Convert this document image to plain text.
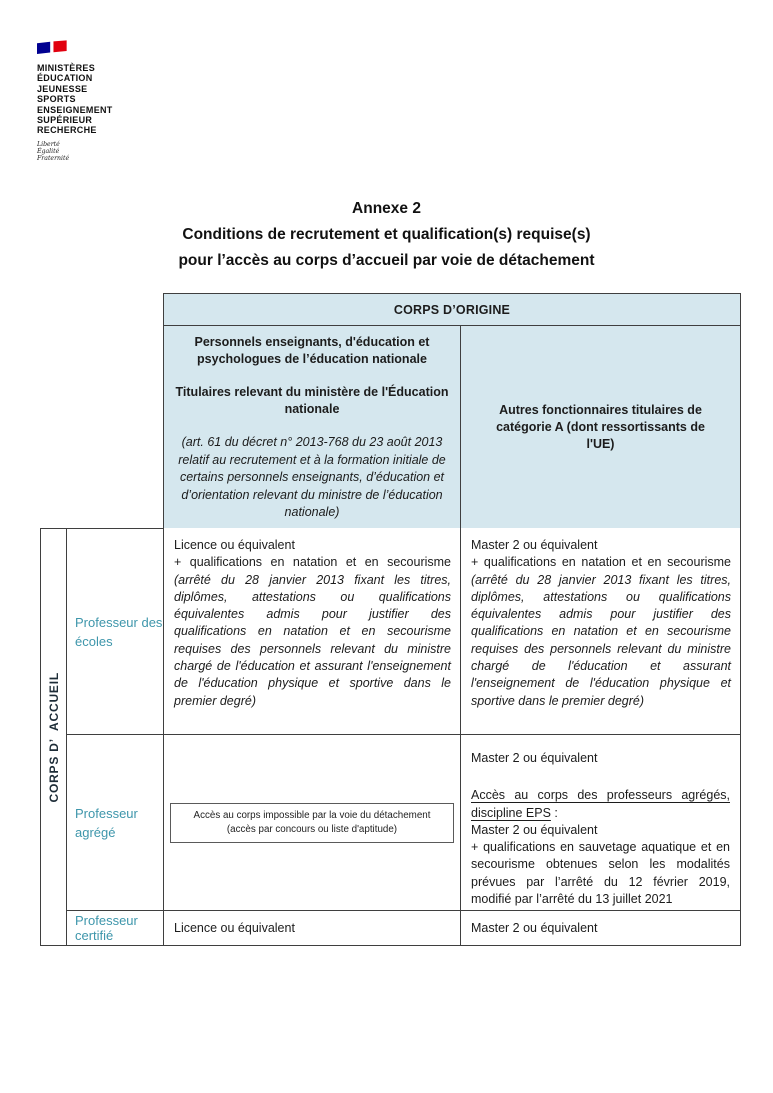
MINISTÈRES
ÉDUCATION
JEUNESSE
SPORTS
ENSEIGNEMENT
SUPÉRIEUR
RECHERCHE
Liberté
Égalité
Fraternité
Annexe 2
Conditions de recrutement et qualification(s) requise(s)
pour l’accès au corps d’accueil par voie de détachement
CORPS D’ORIGINE
Personnels enseignants, d'éducation et psychologues de l’éducation nationale
Titulaires relevant du ministère de l'Éducation nationale
(art. 61 du décret n° 2013-768 du 23 août 2013 relatif au recrutement et à la formation initiale de certains personnels enseignants, d’éducation et d’orientation relevant du ministre de l’éducation nationale)
Autres fonctionnaires titulaires de catégorie A (dont ressortissants de l'UE)
CORPS D’  ACCUEIL
Professeur des écoles
Licence ou équivalent
+ qualifications en natation et en secourisme (arrêté du 28 janvier 2013 fixant les titres, diplômes, attestations ou qualifications équivalentes admis pour justifier des qualifications en natation et en secourisme requises des personnels relevant du ministre chargé de l'éducation et assurant l'enseignement de l'éducation physique et sportive dans le premier degré)
Master 2 ou équivalent
+ qualifications en natation et en secourisme (arrêté du 28 janvier 2013 fixant les titres, diplômes, attestations ou qualifications équivalentes admis pour justifier des qualifications en natation et en secourisme requises des personnels relevant du ministre chargé de l'éducation et assurant l'enseignement de l'éducation physique et sportive dans le premier degré)
Professeur agrégé
Accès au corps impossible par la voie du détachement
(accès par concours ou liste d'aptitude)
Master 2 ou équivalent
Accès au corps des professeurs agrégés, discipline EPS :
Master 2 ou équivalent
+ qualifications en sauvetage aquatique et en secourisme obtenues selon les modalités prévues par l’arrêté du 12 février 2019, modifié par l’arrêté du 13 juillet 2021
Professeur certifié	Licence ou équivalent	Master 2 ou équivalent
